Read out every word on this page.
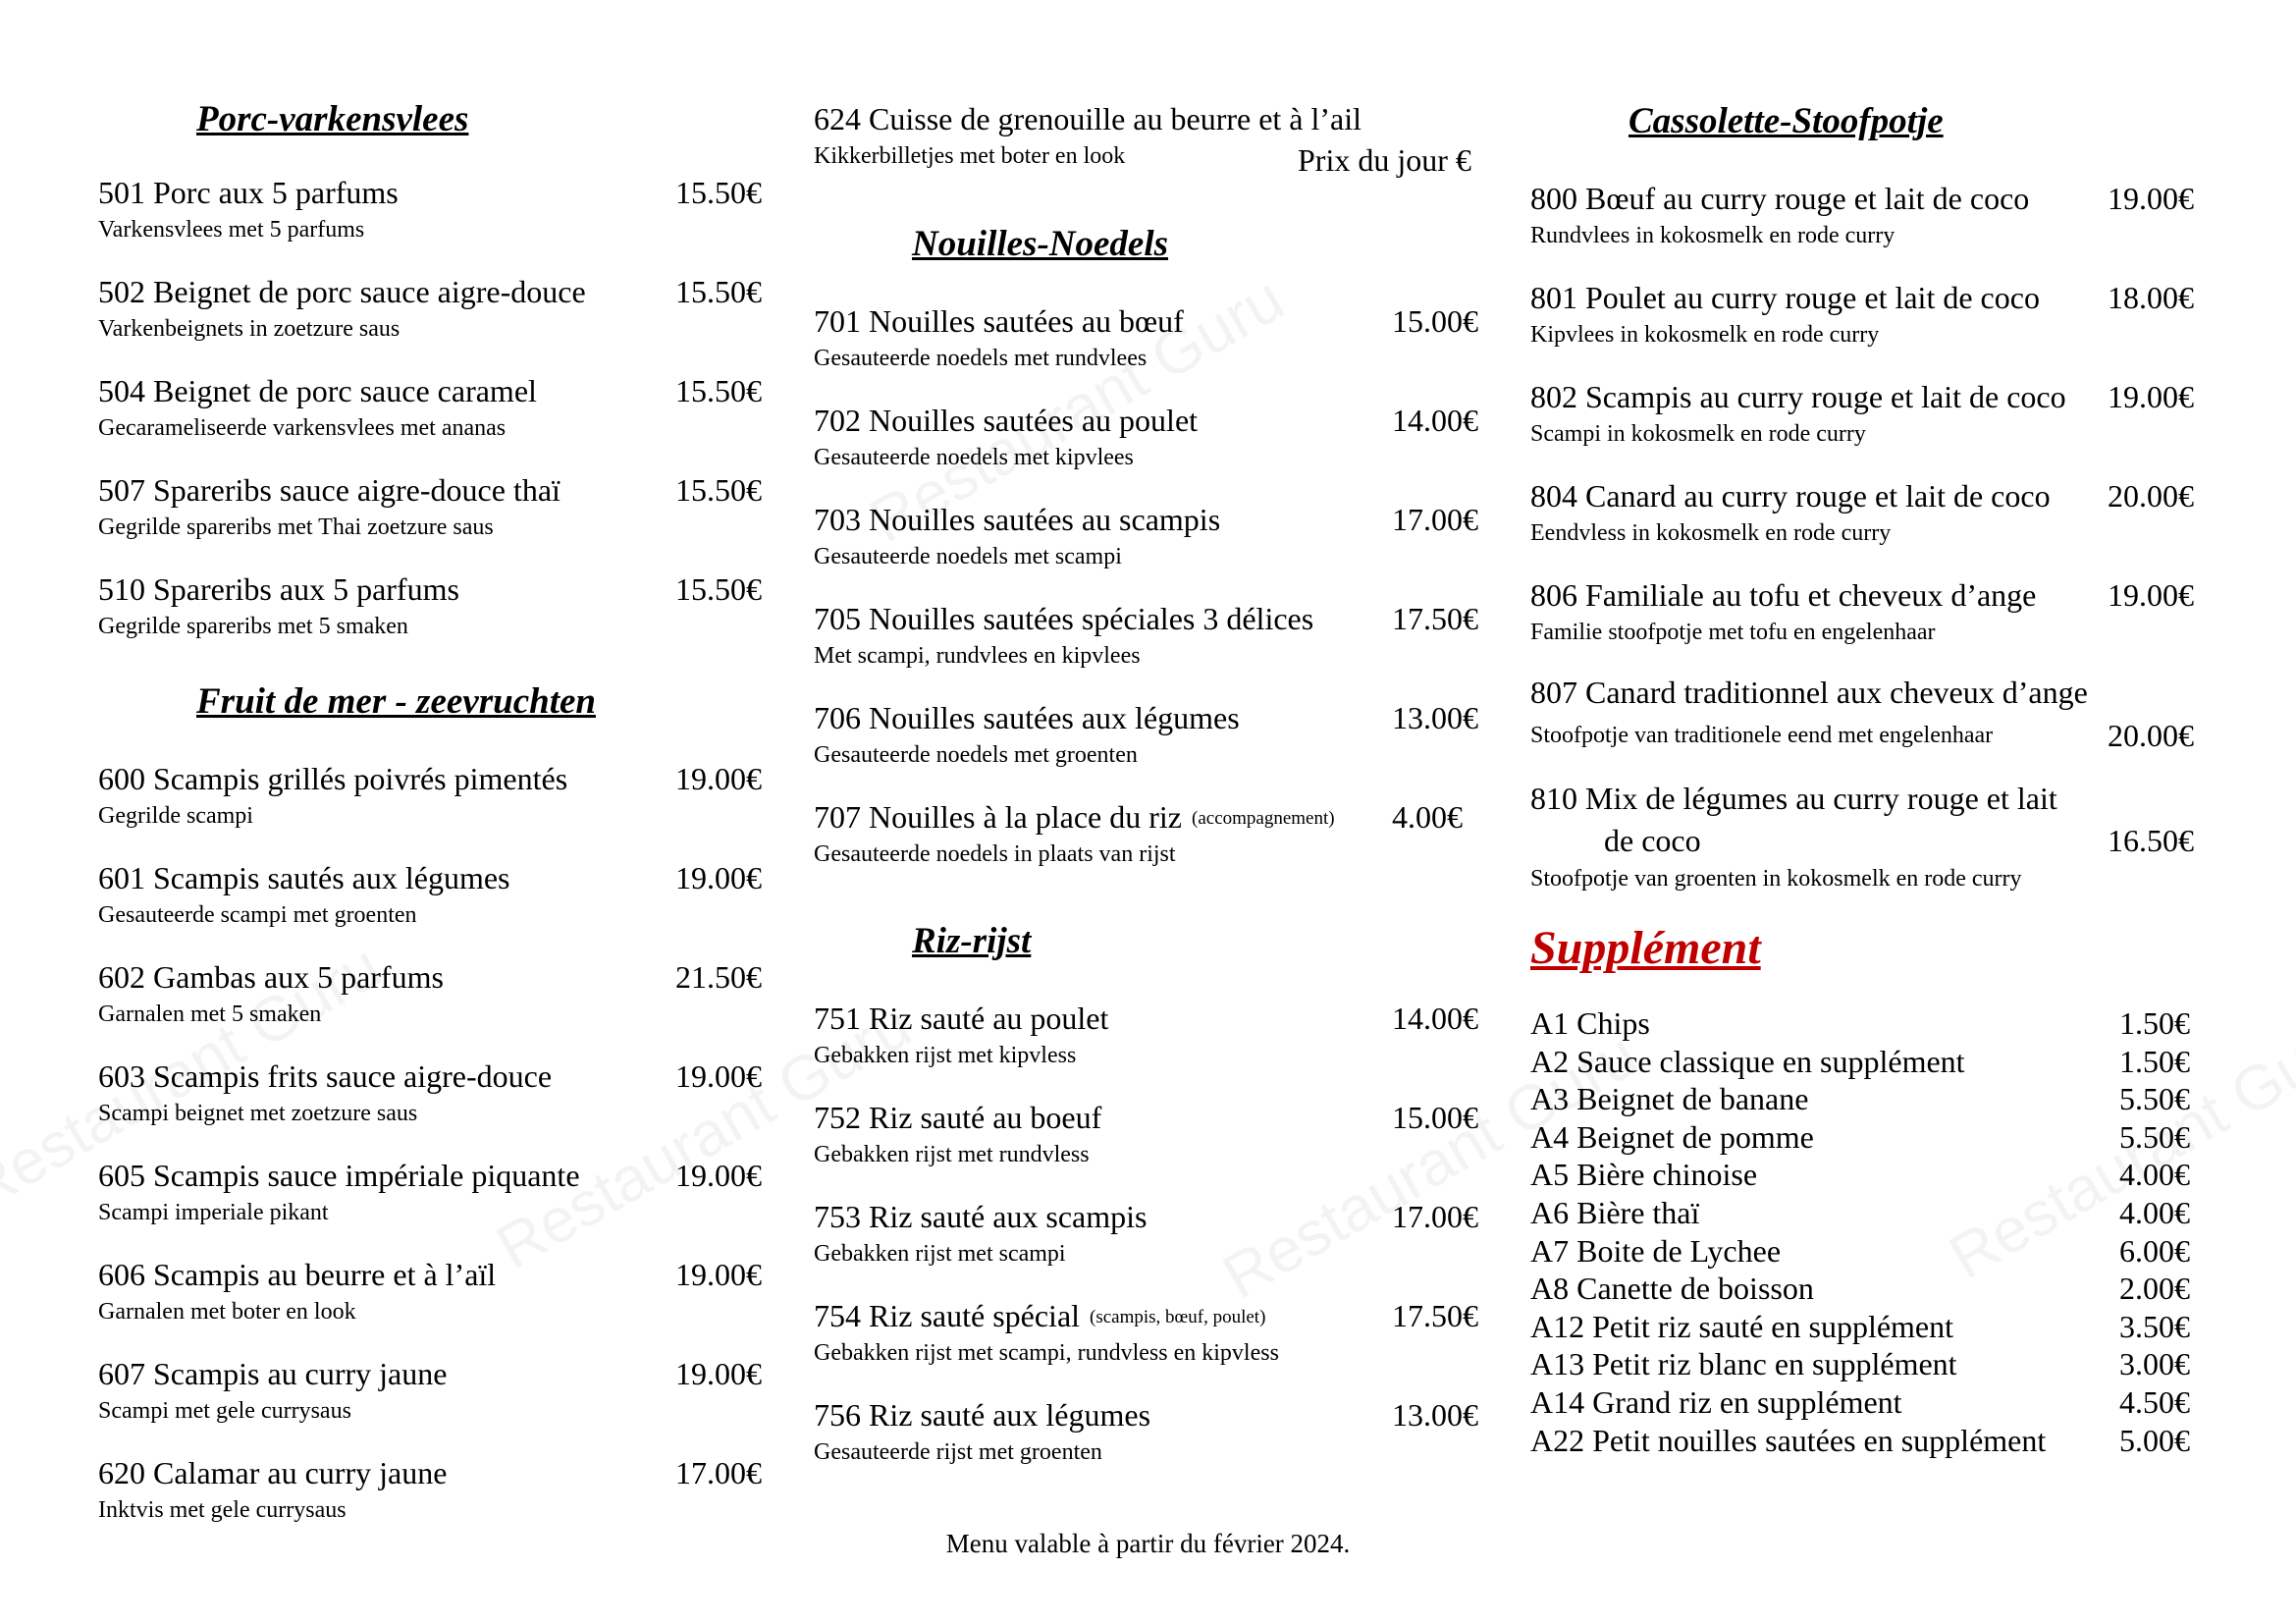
Porc-varkensvlees
501 Porc aux 5 parfums	15.50€
Varkensvlees met 5 parfums
502 Beignet de porc sauce aigre-douce	15.50€
Varkenbeignets in zoetzure saus
504 Beignet de porc sauce caramel	15.50€
Gecarameliseerde varkensvlees met ananas
507 Spareribs sauce aigre-douce thaï	15.50€
Gegrilde spareribs met Thai zoetzure saus
510 Spareribs aux 5 parfums	15.50€
Gegrilde spareribs met 5 smaken
Fruit de mer - zeevruchten
600 Scampis grillés poivrés pimentés	19.00€
Gegrilde scampi
601 Scampis sautés aux légumes	19.00€
Gesauteerde scampi met groenten
602 Gambas aux 5 parfums	21.50€
Garnalen met 5 smaken
603 Scampis frits sauce aigre-douce	19.00€
Scampi beignet met zoetzure saus
605 Scampis sauce impériale piquante	19.00€
Scampi imperiale pikant
606 Scampis au beurre et à l’aïl	19.00€
Garnalen met boter en look
607 Scampis au curry jaune	19.00€
Scampi met gele currysaus
620 Calamar au curry jaune	17.00€
Inktvis met gele currysaus
624 Cuisse de grenouille au beurre et à l’ail
Kikkerbilletjes met boter en look	Prix du jour €
Nouilles-Noedels
701 Nouilles sautées au bœuf	15.00€
Gesauteerde noedels met rundvlees
702 Nouilles sautées au poulet	14.00€
Gesauteerde noedels met kipvlees
703 Nouilles sautées au scampis	17.00€
Gesauteerde noedels met scampi
705 Nouilles sautées spéciales 3 délices 17.50€
Met scampi, rundvlees en kipvlees
706 Nouilles sautées aux légumes	13.00€
Gesauteerde noedels met groenten
707 Nouilles à la place du riz (accompagnement) 4.00€
Gesauteerde noedels in plaats van rijst
Riz-rijst
751 Riz sauté au poulet	14.00€
Gebakken rijst met kipvless
752 Riz sauté au boeuf	15.00€
Gebakken rijst met rundvless
753 Riz sauté aux scampis	17.00€
Gebakken rijst met scampi
754 Riz sauté spécial (scampis, bœuf, poulet)	17.50€
Gebakken rijst met scampi, rundvless en kipvless
756 Riz sauté aux légumes	13.00€
Gesauteerde rijst met groenten
Cassolette-Stoofpotje
800 Bœuf au curry rouge et lait de coco 19.00€
Rundvlees in kokosmelk en rode curry
801 Poulet au curry rouge et lait de coco 18.00€
Kipvlees in kokosmelk en rode curry
802 Scampis au curry rouge et lait de coco 19.00€
Scampi in kokosmelk en rode curry
804 Canard au curry rouge et lait de coco 20.00€
Eendvless in kokosmelk en rode curry
806 Familiale au tofu et cheveux d’ange 19.00€
Familie stoofpotje met tofu en engelenhaar
807 Canard traditionnel aux cheveux d’ange
Stoofpotje van traditionele eend met engelenhaar	20.00€
810 Mix de légumes au curry rouge et lait
de coco	16.50€
Stoofpotje van groenten in kokosmelk en rode curry
Supplément
A1 Chips	1.50€
A2 Sauce classique en supplément	1.50€
A3 Beignet de banane	5.50€
A4 Beignet de pomme	5.50€
A5 Bière chinoise	4.00€
A6 Bière thaï	4.00€
A7 Boite de Lychee	6.00€
A8 Canette de boisson	2.00€
A12 Petit riz sauté en supplément	3.50€
A13 Petit riz blanc en supplément	3.00€
A14 Grand riz en supplément	4.50€
A22 Petit nouilles sautées en supplément 5.00€
Menu valable à partir du février 2024.
